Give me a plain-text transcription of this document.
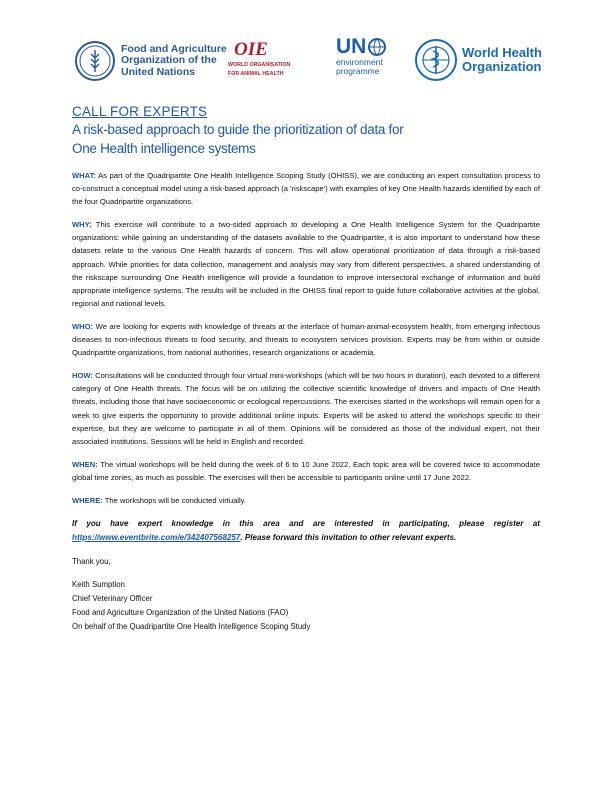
Food and Agriculture
Organization of the
United Nations
OIE
WORLD ORGANISATION
FOR ANIMAL HEALTH
UN
environment
programme
World Health
Organization

CALL FOR EXPERTS

A risk-based approach to guide the prioritization of data for

One Health intelligence systems

WHAT: As part of the Quadripartite One Health Intelligence Scoping Study (OHISS), we are conducting an expert consultation process to co-construct a conceptual model using a risk-based approach (a 'riskscape') with examples of key One Health hazards identified by each of the four Quadripartite organizations.

WHY: This exercise will contribute to a two-sided approach to developing a One Health Intelligence System for the Quadripartite organizations: while gaining an understanding of the datasets available to the Quadripartite, it is also important to understand how these datasets relate to the various One Health hazards of concern. This will allow operational prioritization of data through a risk-based approach. While priorities for data collection, management and analysis may vary from different perspectives, a shared understanding of the riskscape surrounding One Health intelligence will provide a foundation to improve intersectoral exchange of information and build appropriate intelligence systems. The results will be included in the OHISS final report to guide future collaborative activities at the global, regional and national levels.

WHO: We are looking for experts with knowledge of threats at the interface of human-animal-ecosystem health, from emerging infectious diseases to non-infectious threats to food security, and threats to ecosystem services provision. Experts may be from within or outside Quadripartite organizations, from national authorities, research organizations or academia.

HOW: Consultations will be conducted through four virtual mini-workshops (which will be two hours in duration), each devoted to a different category of One Health threats. The focus will be on utilizing the collective scientific knowledge of drivers and impacts of One Health threats, including those that have socioeconomic or ecological repercussions. The exercises started in the workshops will remain open for a week to give experts the opportunity to provide additional online inputs. Experts will be asked to attend the workshops specific to their expertise, but they are welcome to participate in all of them. Opinions will be considered as those of the individual expert, not their associated institutions. Sessions will be held in English and recorded.

WHEN: The virtual workshops will be held during the week of 6 to 10 June 2022. Each topic area will be covered twice to accommodate global time zones, as much as possible. The exercises will then be accessible to participants online until 17 June 2022.

WHERE: The workshops will be conducted virtually.

If you have expert knowledge in this area and are interested in participating, please register at https://www.eventbrite.com/e/342407568257. Please forward this invitation to other relevant experts.

Thank you,

Keith Sumption
Chief Veterinary Officer
Food and Agriculture Organization of the United Nations (FAO)
On behalf of the Quadripartite One Health Intelligence Scoping Study
